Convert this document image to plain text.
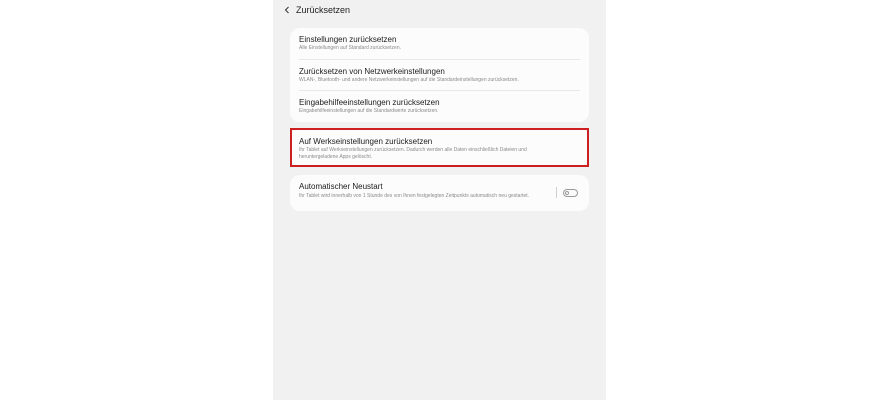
Zurücksetzen
Einstellungen zurücksetzen
Alle Einstellungen auf Standard zurücksetzen.
Zurücksetzen von Netzwerkeinstellungen
WLAN-, Bluetooth- und andere Netzwerkeinstellungen auf die Standardeinstellungen zurücksetzen.
Eingabehilfeeinstellungen zurücksetzen
Eingabehilfeeinstellungen auf die Standardwerte zurücksetzen.
Auf Werkseinstellungen zurücksetzen
Ihr Tablet auf Werkseinstellungen zurücksetzen. Dadurch werden alle Daten einschließlich Dateien und heruntergeladene Apps gelöscht.
Automatischer Neustart
Ihr Tablet wird innerhalb von 1 Stunde des von Ihnen festgelegten Zeitpunkts automatisch neu gestartet.
